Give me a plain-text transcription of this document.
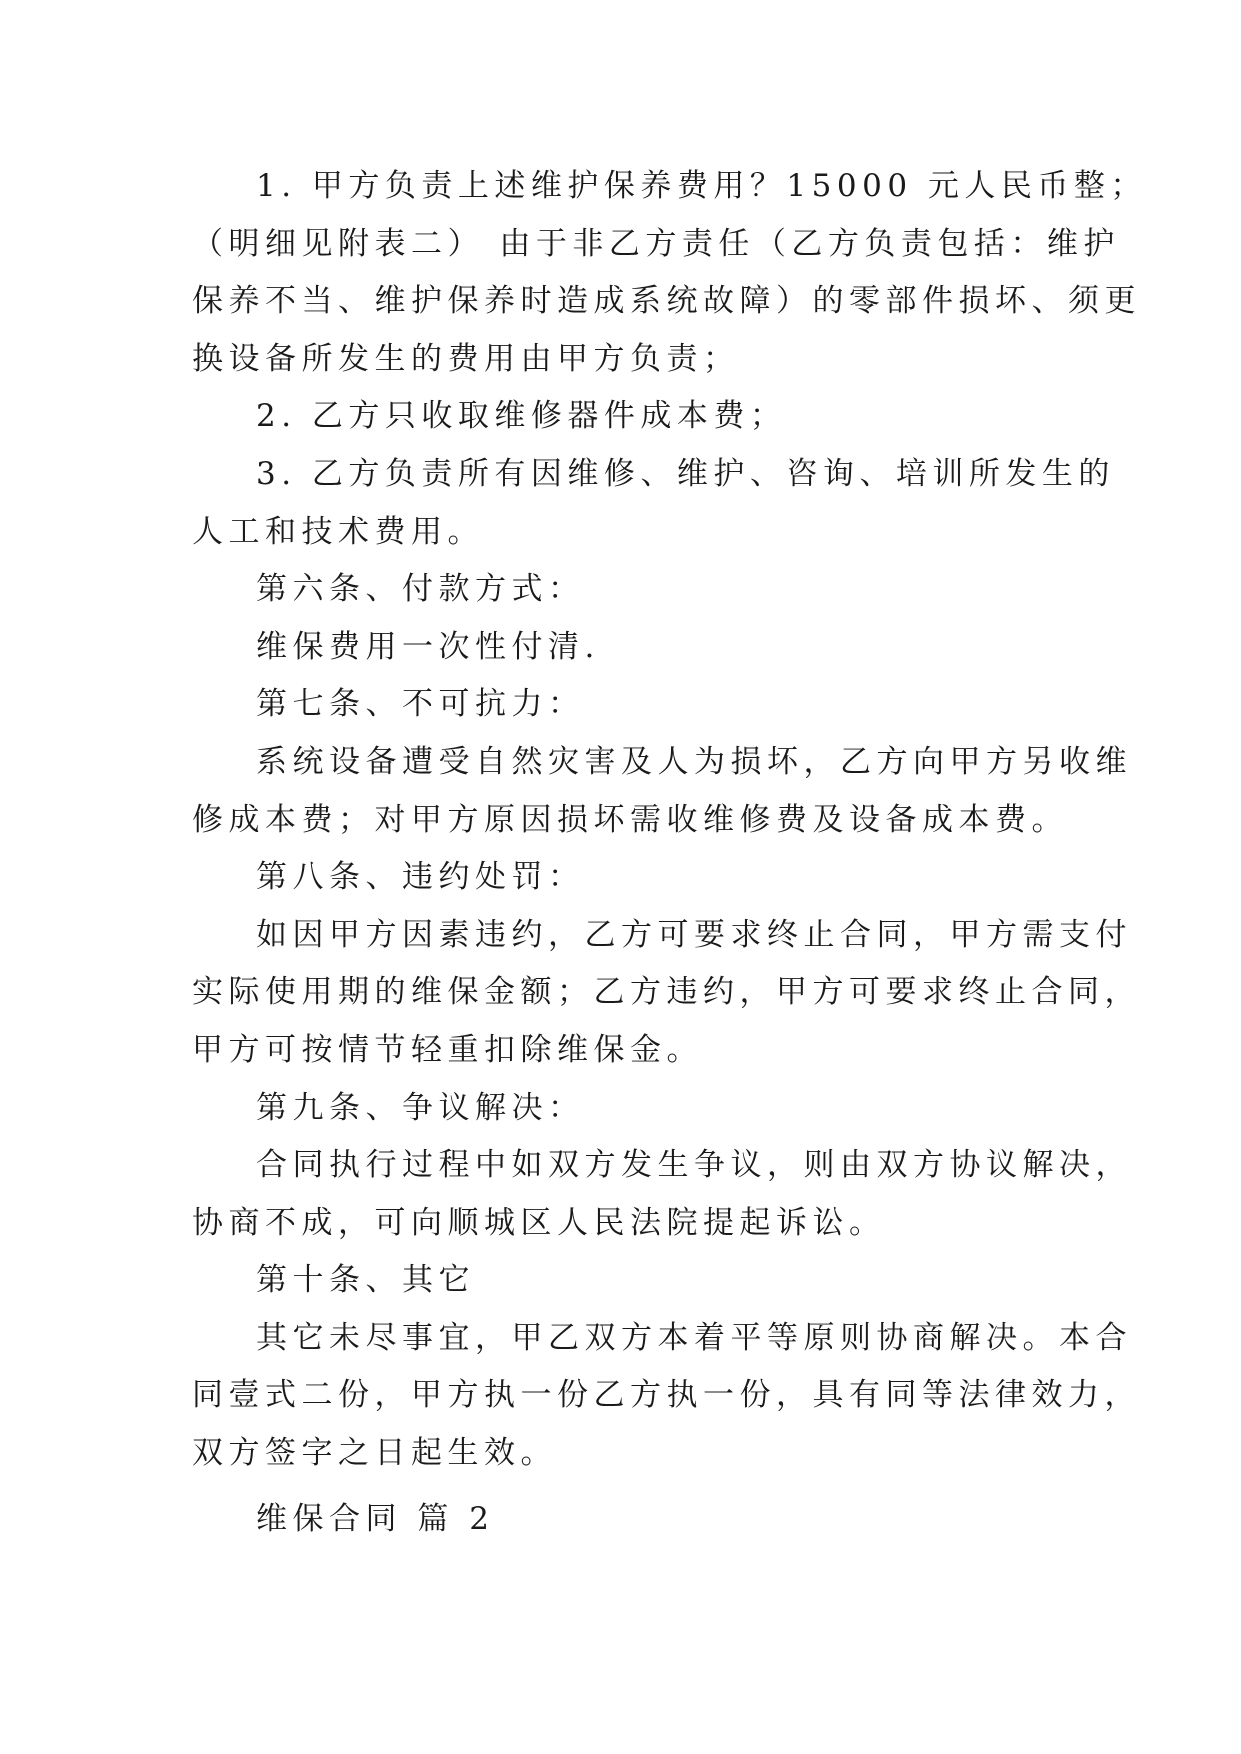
1. 甲方负责上述维护保养费用？15000 元人民币整；
（明细见附表二） 由于非乙方责任（乙方负责包括：维护
保养不当、维护保养时造成系统故障）的零部件损坏、须更
换设备所发生的费用由甲方负责；
2. 乙方只收取维修器件成本费；
3. 乙方负责所有因维修、维护、咨询、培训所发生的
人工和技术费用。
第六条、付款方式：
维保费用一次性付清.
第七条、不可抗力：
系统设备遭受自然灾害及人为损坏，乙方向甲方另收维
修成本费；对甲方原因损坏需收维修费及设备成本费。
第八条、违约处罚：
如因甲方因素违约，乙方可要求终止合同，甲方需支付
实际使用期的维保金额；乙方违约，甲方可要求终止合同，
甲方可按情节轻重扣除维保金。
第九条、争议解决：
合同执行过程中如双方发生争议，则由双方协议解决，
协商不成，可向顺城区人民法院提起诉讼。
第十条、其它
其它未尽事宜，甲乙双方本着平等原则协商解决。本合
同壹式二份，甲方执一份乙方执一份，具有同等法律效力，
双方签字之日起生效。
维保合同 篇 2
